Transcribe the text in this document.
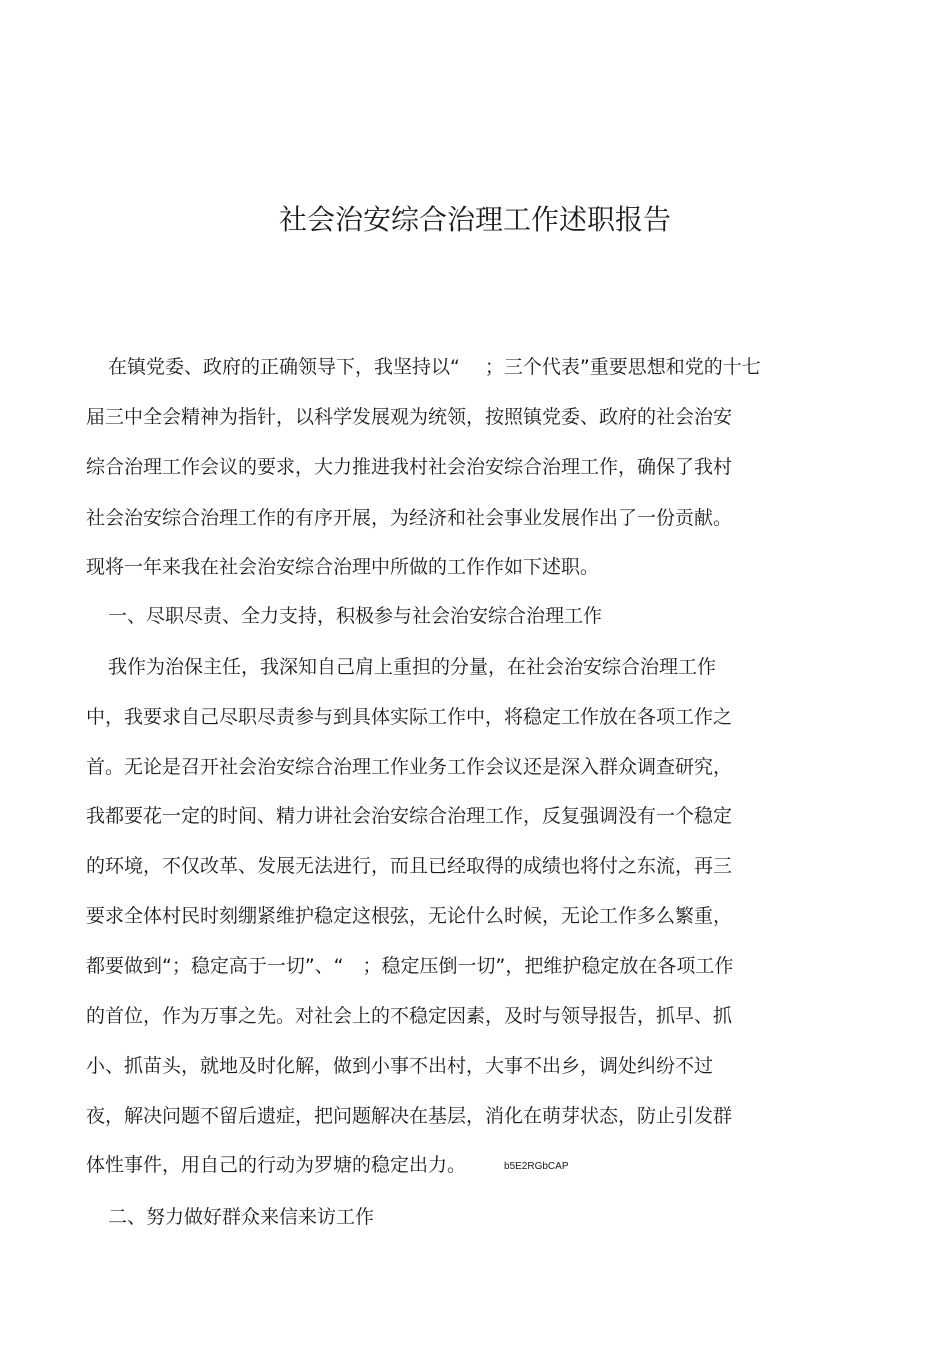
社会治安综合治理工作述职报告
在镇党委、政府的正确领导下，我坚持以“　 ；三个代表”重要思想和党的十七
届三中全会精神为指针，以科学发展观为统领，按照镇党委、政府的社会治安
综合治理工作会议的要求，大力推进我村社会治安综合治理工作，确保了我村
社会治安综合治理工作的有序开展，为经济和社会事业发展作出了一份贡献。
现将一年来我在社会治安综合治理中所做的工作作如下述职。
一、尽职尽责、全力支持，积极参与社会治安综合治理工作
我作为治保主任，我深知自己肩上重担的分量，在社会治安综合治理工作
中，我要求自己尽职尽责参与到具体实际工作中，将稳定工作放在各项工作之
首。无论是召开社会治安综合治理工作业务工作会议还是深入群众调查研究，
我都要花一定的时间、精力讲社会治安综合治理工作，反复强调没有一个稳定
的环境，不仅改革、发展无法进行，而且已经取得的成绩也将付之东流，再三
要求全体村民时刻绷紧维护稳定这根弦，无论什么时候，无论工作多么繁重，
都要做到“；稳定高于一切”、“　；稳定压倒一切”，把维护稳定放在各项工作
的首位，作为万事之先。对社会上的不稳定因素，及时与领导报告，抓早、抓
小、抓苗头，就地及时化解，做到小事不出村，大事不出乡，调处纠纷不过
夜，解决问题不留后遗症，把问题解决在基层，消化在萌芽状态，防止引发群
体性事件，用自己的行动为罗塘的稳定出力。	b5E2RGbCAP
二、努力做好群众来信来访工作
